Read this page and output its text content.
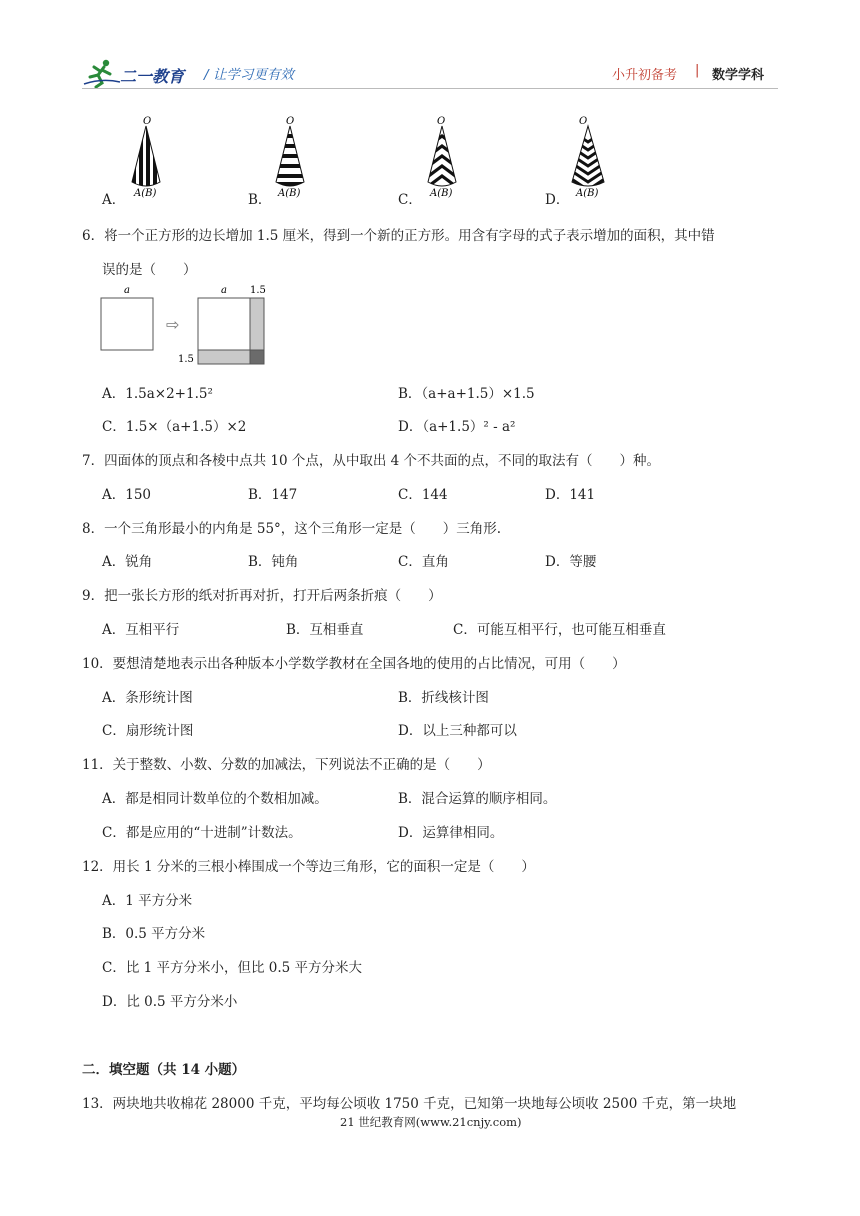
二一教育 / 让学习更有效	小升初备考 | 数学学科
A．
O
A(B)	B．
O
A(B)	C．
O
A(B)	D．
O
A(B)
6．将一个正方形的边长增加 1.5 厘米，得到一个新的正方形。用含有字母的式子表示增加的面积，其中错
误的是（　　）
a
⇨
a 1.5
1.5
A．1.5a×2+1.5²	B．（a+a+1.5）×1.5
C．1.5×（a+1.5）×2	D．（a+1.5）² - a²
7．四面体的顶点和各棱中点共 10 个点，从中取出 4 个不共面的点，不同的取法有（　　）种。
A．150	B．147	C．144	D．141
8．一个三角形最小的内角是 55°，这个三角形一定是（　　）三角形.
A．锐角	B．钝角	C．直角	D．等腰
9．把一张长方形的纸对折再对折，打开后两条折痕（　　）
A．互相平行	B．互相垂直	C．可能互相平行，也可能互相垂直
10．要想清楚地表示出各种版本小学数学教材在全国各地的使用的占比情况，可用（　　）
A．条形统计图	B．折线核计图
C．扇形统计图	D．以上三种都可以
11．关于整数、小数、分数的加减法，下列说法不正确的是（　　）
A．都是相同计数单位的个数相加减。	B．混合运算的顺序相同。
C．都是应用的“十进制”计数法。	D．运算律相同。
12．用长 1 分米的三根小棒围成一个等边三角形，它的面积一定是（　　）
A．1 平方分米
B．0.5 平方分米
C．比 1 平方分米小，但比 0.5 平方分米大
D．比 0.5 平方分米小
二．填空题（共 14 小题）
13．两块地共收棉花 28000 千克，平均每公顷收 1750 千克，已知第一块地每公顷收 2500 千克，第一块地
21 世纪教育网(www.21cnjy.com)
